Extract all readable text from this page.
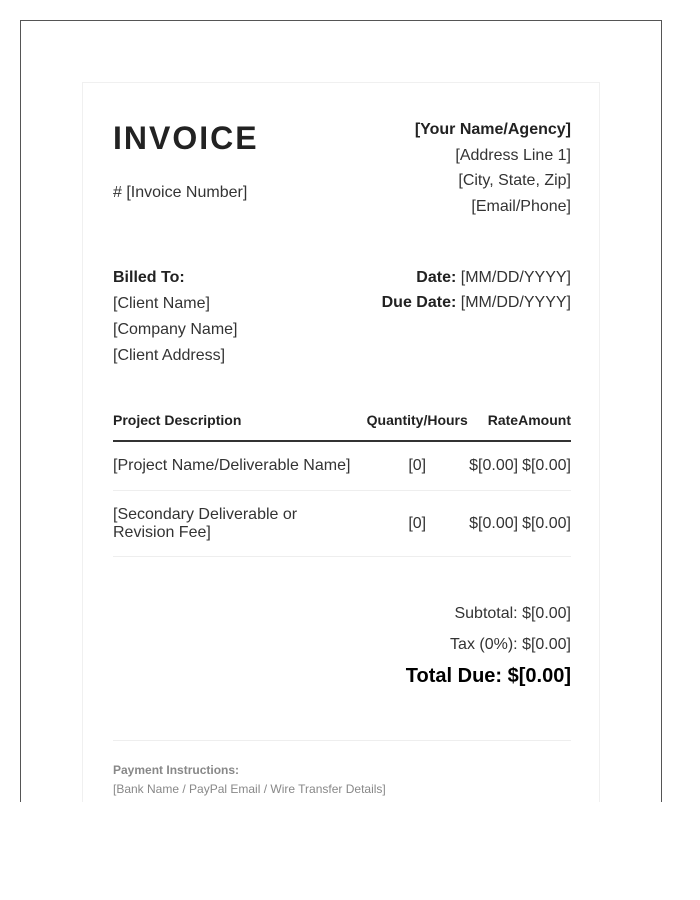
INVOICE
# [Invoice Number]
[Your Name/Agency]
[Address Line 1]
[City, State, Zip]
[Email/Phone]
Billed To:
[Client Name]
[Company Name]
[Client Address]
Date: [MM/DD/YYYY]
Due Date: [MM/DD/YYYY]
Project Description	Quantity/Hours	Rate	Amount
[Project Name/Deliverable Name]	[0]	$[0.00]	$[0.00]
[Secondary Deliverable or Revision Fee]	[0]	$[0.00]	$[0.00]
Subtotal: $[0.00]
Tax (0%): $[0.00]
Total Due: $[0.00]
Payment Instructions:
[Bank Name / PayPal Email / Wire Transfer Details]
